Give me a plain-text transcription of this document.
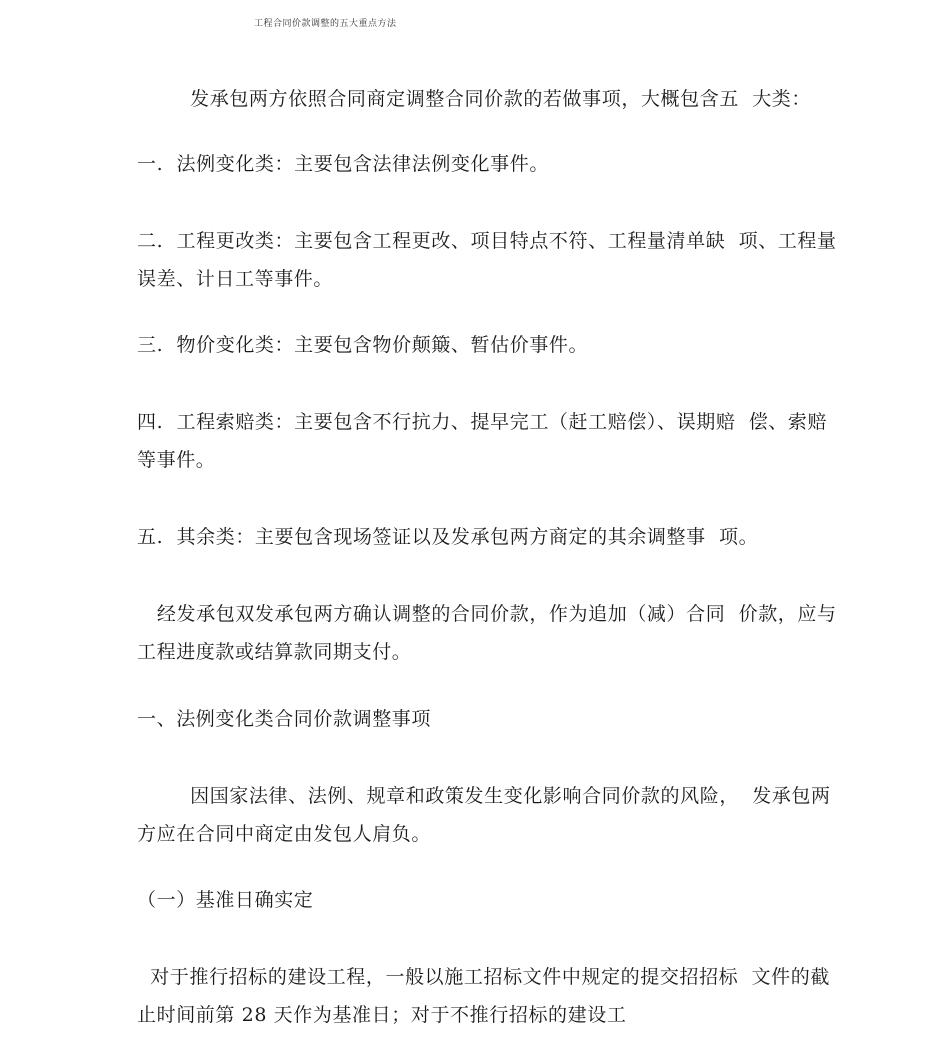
工程合同价款调整的五大重点方法

发承包两方依照合同商定调整合同价款的若做事项，大概包含五  大类：

一.  法例变化类：主要包含法律法例变化事件。

二.  工程更改类：主要包含工程更改、项目特点不符、工程量清单缺  项、工程量误差、计日工等事件。

三.  物价变化类：主要包含物价颠簸、暂估价事件。

四.  工程索赔类：主要包含不行抗力、提早完工（赶工赔偿）、误期赔  偿、索赔等事件。

五.  其余类：主要包含现场签证以及发承包两方商定的其余调整事  项。

经发承包双发承包两方确认调整的合同价款，作为追加（减）合同  价款，应与工程进度款或结算款同期支付。

一、法例变化类合同价款调整事项

因国家法律、法例、规章和政策发生变化影响合同价款的风险，  发承包两方应在合同中商定由发包人肩负。

（一）基准日确实定

对于推行招标的建设工程，一般以施工招标文件中规定的提交招招标  文件的截止时间前第 28 天作为基准日；对于不推行招标的建设工
